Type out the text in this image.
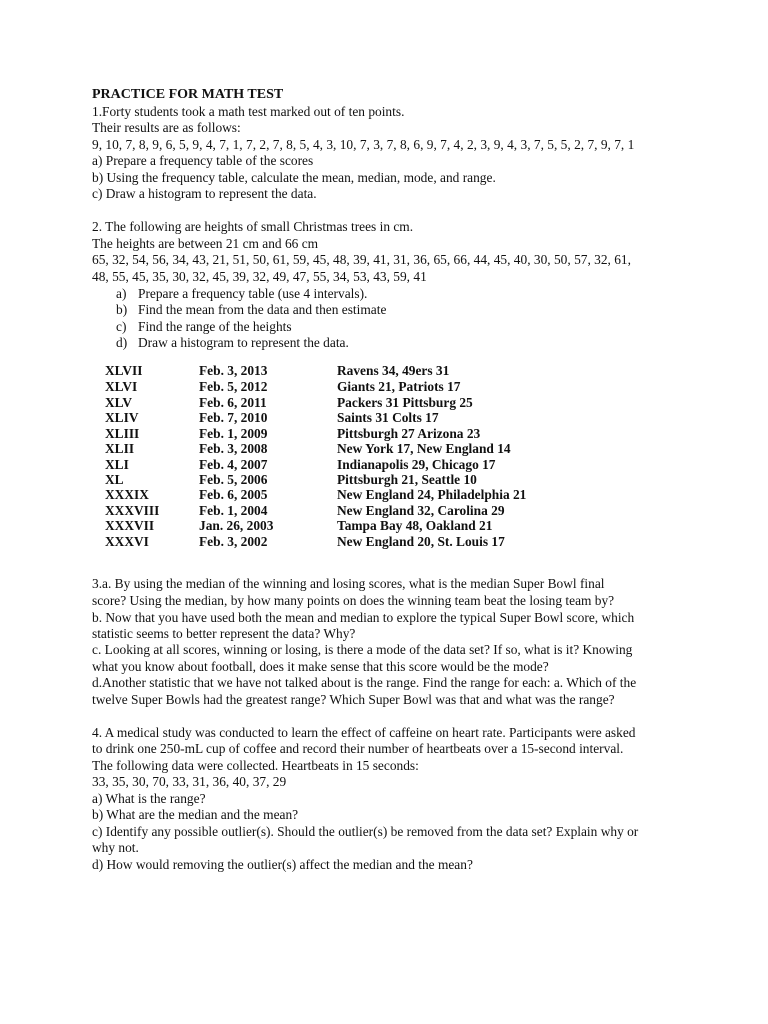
PRACTICE FOR MATH TEST
1.Forty students took a math test marked out of ten points.
Their results are as follows:
9, 10, 7, 8, 9, 6, 5, 9, 4, 7, 1, 7, 2, 7, 8, 5, 4, 3, 10, 7, 3, 7, 8, 6, 9, 7, 4, 2, 3, 9, 4, 3, 7, 5, 5, 2, 7, 9, 7, 1
a) Prepare a frequency table of the scores
b) Using the frequency table, calculate the mean, median, mode, and range.
c) Draw a histogram to represent the data.
2. The following are heights of small Christmas trees in cm.
The heights are between 21 cm and 66 cm
65, 32, 54, 56, 34, 43, 21, 51, 50, 61, 59, 45, 48, 39, 41, 31, 36, 65, 66, 44, 45, 40, 30, 50, 57, 32, 61,
48, 55, 45, 35, 30, 32, 45, 39, 32, 49, 47, 55, 34, 53, 43, 59, 41
a) Prepare a frequency table (use 4 intervals).
b) Find the mean from the data and then estimate
c) Find the range of the heights
d) Draw a histogram to represent the data.
XLVII	Feb. 3, 2013	Ravens 34, 49ers 31
XLVI	Feb. 5, 2012	Giants 21, Patriots 17
XLV	Feb. 6, 2011	Packers 31 Pittsburg 25
XLIV	Feb. 7, 2010	Saints 31 Colts 17
XLIII	Feb. 1, 2009	Pittsburgh 27 Arizona 23
XLII	Feb. 3, 2008	New York 17, New England 14
XLI	Feb. 4, 2007	Indianapolis 29, Chicago 17
XL	Feb. 5, 2006	Pittsburgh 21, Seattle 10
XXXIX	Feb. 6, 2005	New England 24, Philadelphia 21
XXXVIII	Feb. 1, 2004	New England 32, Carolina 29
XXXVII	Jan. 26, 2003	Tampa Bay 48, Oakland 21
XXXVI	Feb. 3, 2002	New England 20, St. Louis 17
3.a. By using the median of the winning and losing scores, what is the median Super Bowl final
score? Using the median, by how many points on does the winning team beat the losing team by?
b. Now that you have used both the mean and median to explore the typical Super Bowl score, which
statistic seems to better represent the data? Why?
c. Looking at all scores, winning or losing, is there a mode of the data set? If so, what is it? Knowing
what you know about football, does it make sense that this score would be the mode?
d.Another statistic that we have not talked about is the range. Find the range for each: a. Which of the
twelve Super Bowls had the greatest range? Which Super Bowl was that and what was the range?
4. A medical study was conducted to learn the effect of caffeine on heart rate. Participants were asked
to drink one 250-mL cup of coffee and record their number of heartbeats over a 15-second interval.
The following data were collected. Heartbeats in 15 seconds:
33, 35, 30, 70, 33, 31, 36, 40, 37, 29
a) What is the range?
b) What are the median and the mean?
c) Identify any possible outlier(s). Should the outlier(s) be removed from the data set? Explain why or
why not.
d) How would removing the outlier(s) affect the median and the mean?
